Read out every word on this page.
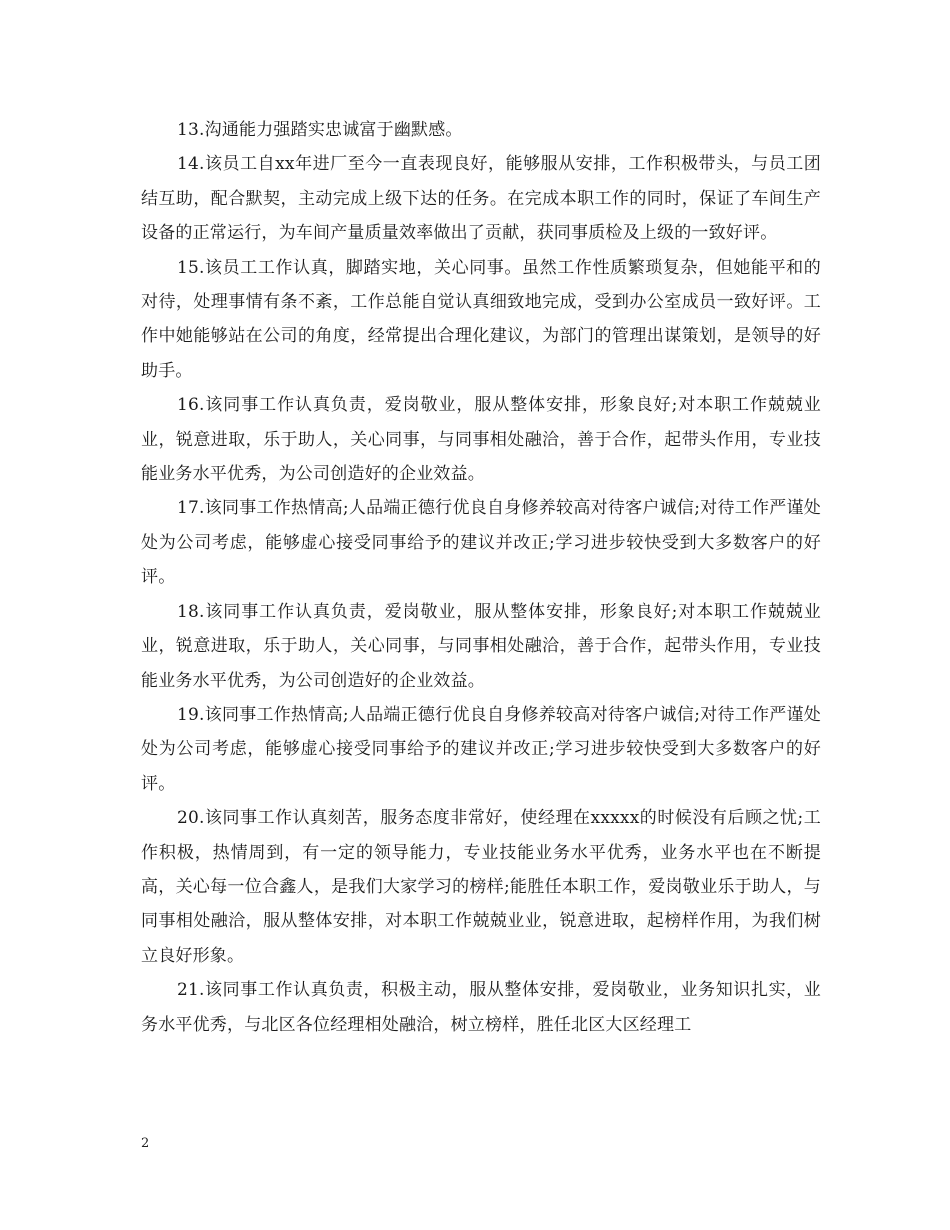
13.沟通能力强踏实忠诚富于幽默感。

14.该员工自xx年进厂至今一直表现良好，能够服从安排，工作积极带头，与员工团结互助，配合默契，主动完成上级下达的任务。在完成本职工作的同时，保证了车间生产设备的正常运行，为车间产量质量效率做出了贡献，获同事质检及上级的一致好评。

15.该员工工作认真，脚踏实地，关心同事。虽然工作性质繁琐复杂，但她能平和的对待，处理事情有条不紊，工作总能自觉认真细致地完成，受到办公室成员一致好评。工作中她能够站在公司的角度，经常提出合理化建议，为部门的管理出谋策划，是领导的好助手。

16.该同事工作认真负责，爱岗敬业，服从整体安排，形象良好;对本职工作兢兢业业，锐意进取，乐于助人，关心同事，与同事相处融洽，善于合作，起带头作用，专业技能业务水平优秀，为公司创造好的企业效益。

17.该同事工作热情高;人品端正德行优良自身修养较高对待客户诚信;对待工作严谨处处为公司考虑，能够虚心接受同事给予的建议并改正;学习进步较快受到大多数客户的好评。

18.该同事工作认真负责，爱岗敬业，服从整体安排，形象良好;对本职工作兢兢业业，锐意进取，乐于助人，关心同事，与同事相处融洽，善于合作，起带头作用，专业技能业务水平优秀，为公司创造好的企业效益。

19.该同事工作热情高;人品端正德行优良自身修养较高对待客户诚信;对待工作严谨处处为公司考虑，能够虚心接受同事给予的建议并改正;学习进步较快受到大多数客户的好评。

20.该同事工作认真刻苦，服务态度非常好，使经理在xxxxx的时候没有后顾之忧;工作积极，热情周到，有一定的领导能力，专业技能业务水平优秀，业务水平也在不断提高，关心每一位合鑫人，是我们大家学习的榜样;能胜任本职工作，爱岗敬业乐于助人，与同事相处融洽，服从整体安排，对本职工作兢兢业业，锐意进取，起榜样作用，为我们树立良好形象。

21.该同事工作认真负责，积极主动，服从整体安排，爱岗敬业，业务知识扎实，业务水平优秀，与北区各位经理相处融洽，树立榜样，胜任北区大区经理工

2
